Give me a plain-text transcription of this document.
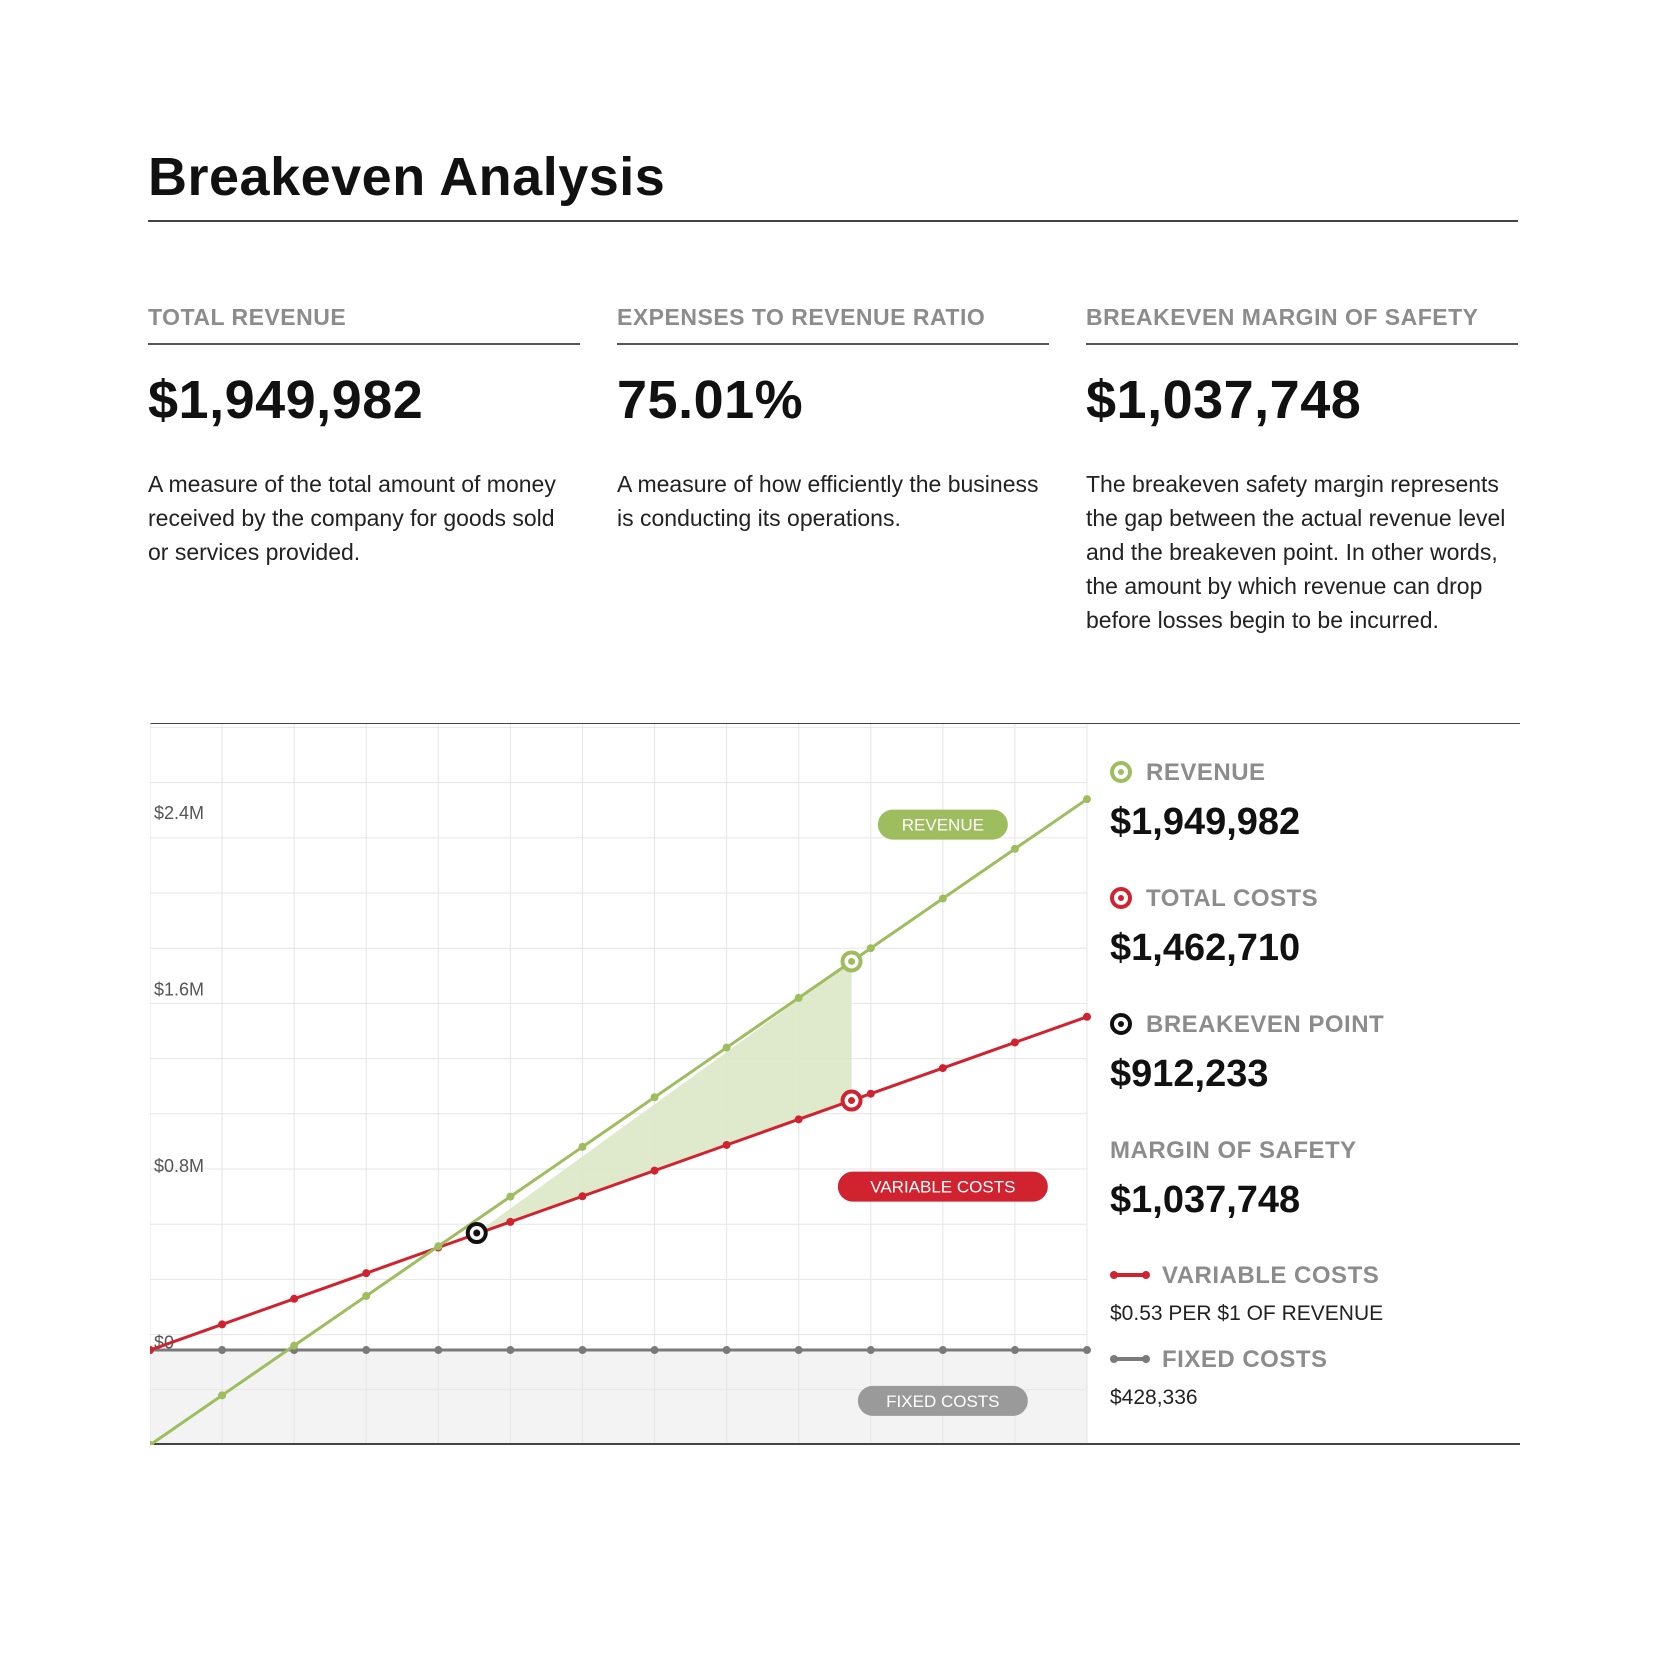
Breakeven Analysis
TOTAL REVENUE
$1,949,982
A measure of the total amount of money received by the company for goods sold or services provided.
EXPENSES TO REVENUE RATIO
75.01%
A measure of how efficiently the business is conducting its operations.
BREAKEVEN MARGIN OF SAFETY
$1,037,748
The breakeven safety margin represents the gap between the actual revenue level and the breakeven point. In other words, the amount by which revenue can drop before losses begin to be incurred.
$0
$0.8M
$1.6M
$2.4M
REVENUE
VARIABLE COSTS
FIXED COSTS
REVENUE
$1,949,982
TOTAL COSTS
$1,462,710
BREAKEVEN POINT
$912,233
MARGIN OF SAFETY
$1,037,748
VARIABLE COSTS
$0.53 PER $1 OF REVENUE
FIXED COSTS
$428,336
